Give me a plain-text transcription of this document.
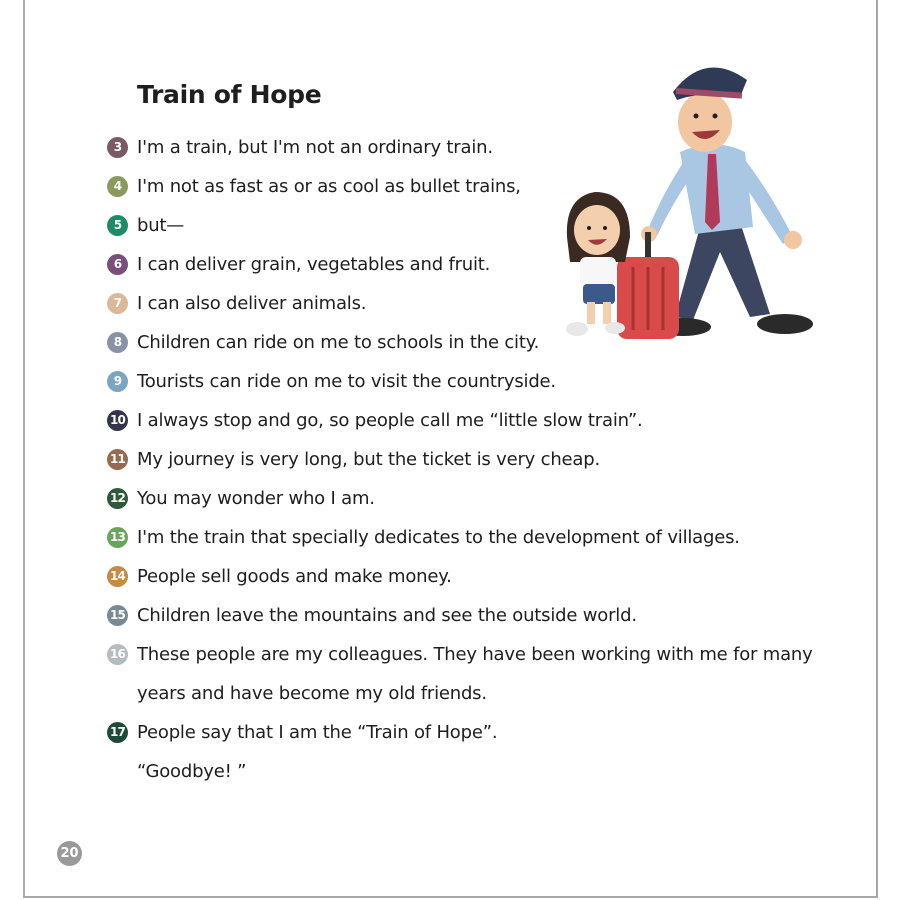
Train of Hope
3 I'm a train, but I'm not an ordinary train.
4 I'm not as fast as or as cool as bullet trains,
5 but—
6 I can deliver grain, vegetables and fruit.
7 I can also deliver animals.
8 Children can ride on me to schools in the city.
9 Tourists can ride on me to visit the countryside.
10 I always stop and go, so people call me “little slow train”.
11 My journey is very long, but the ticket is very cheap.
12 You may wonder who I am.
13 I'm the train that specially dedicates to the development of villages.
14 People sell goods and make money.
15 Children leave the mountains and see the outside world.
16 These people are my colleagues. They have been working with me for many
17 People say that I am the “Train of Hope”.
years and have become my old friends.
“Goodbye! ”
20
